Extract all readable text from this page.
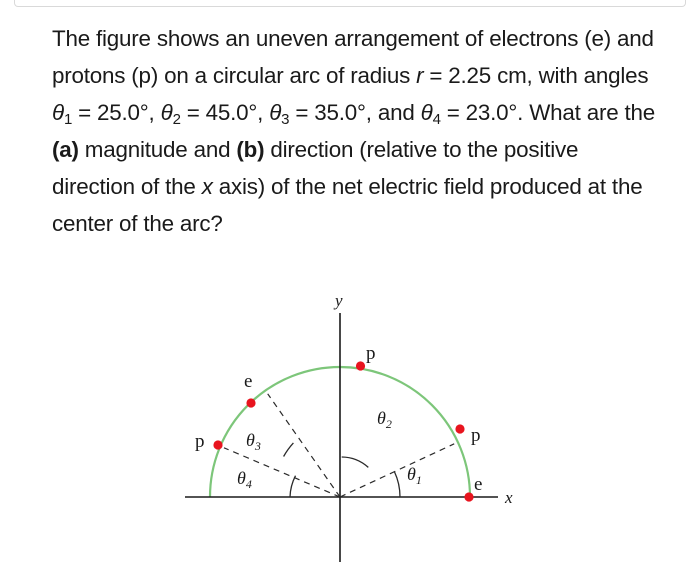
The figure shows an uneven arrangement of electrons (e) and protons (p) on a circular arc of radius r = 2.25 cm, with angles $\theta_1 = 25.0^\circ$, $\theta_2 = 45.0^\circ$, $\theta_3 = 35.0^\circ$, and $\theta_4 = 23.0^\circ$. What are the (a) magnitude and (b) direction (relative to the positive direction of the x axis) of the net electric field produced at the center of the arc?

$\theta_1$
$\theta_2$
$\theta_3$
$\theta_4$
y
x
p
p
e
e
p
